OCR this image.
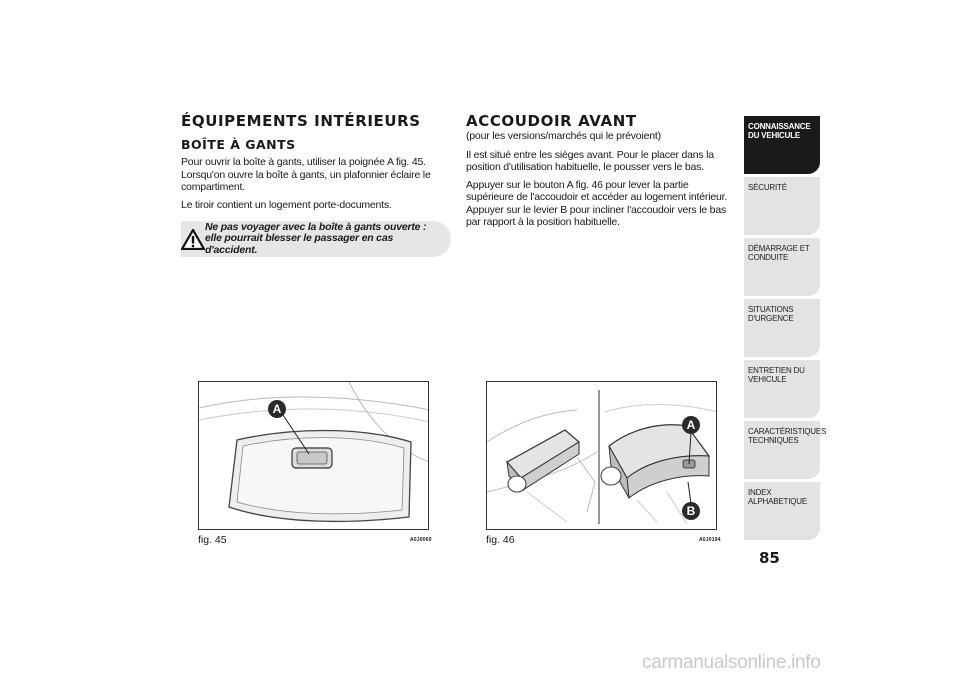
ÉQUIPEMENTS INTÉRIEURS
BOÎTE À GANTS

Pour ouvrir la boîte à gants, utiliser la poignée A fig. 45. Lorsqu'on ouvre la boîte à gants, un plafonnier éclaire le compartiment.

Le tiroir contient un logement porte-documents.

Ne pas voyager avec la boîte à gants ouverte : elle pourrait blesser le passager en cas d'accident.
ACCOUDOIR AVANT
(pour les versions/marchés qui le prévoient)

Il est situé entre les sièges avant. Pour le placer dans la position d'utilisation habituelle, le pousser vers le bas.

Appuyer sur le bouton A fig. 46 pour lever la partie supérieure de l'accoudoir et accéder au logement intérieur. Appuyer sur le levier B pour incliner l'accoudoir vers le bas par rapport à la position habituelle.

A
fig. 45	A0J0060
A
B
fig. 46	A0J0194
CONNAISSANCE DU VEHICULE
SÉCURITÉ
DÉMARRAGE ET CONDUITE
SITUATIONS D'URGENCE
ENTRETIEN DU VEHICULE
CARACTÉRISTIQUES TECHNIQUES
INDEX ALPHABETIQUE
85
carmanualsonline.info
